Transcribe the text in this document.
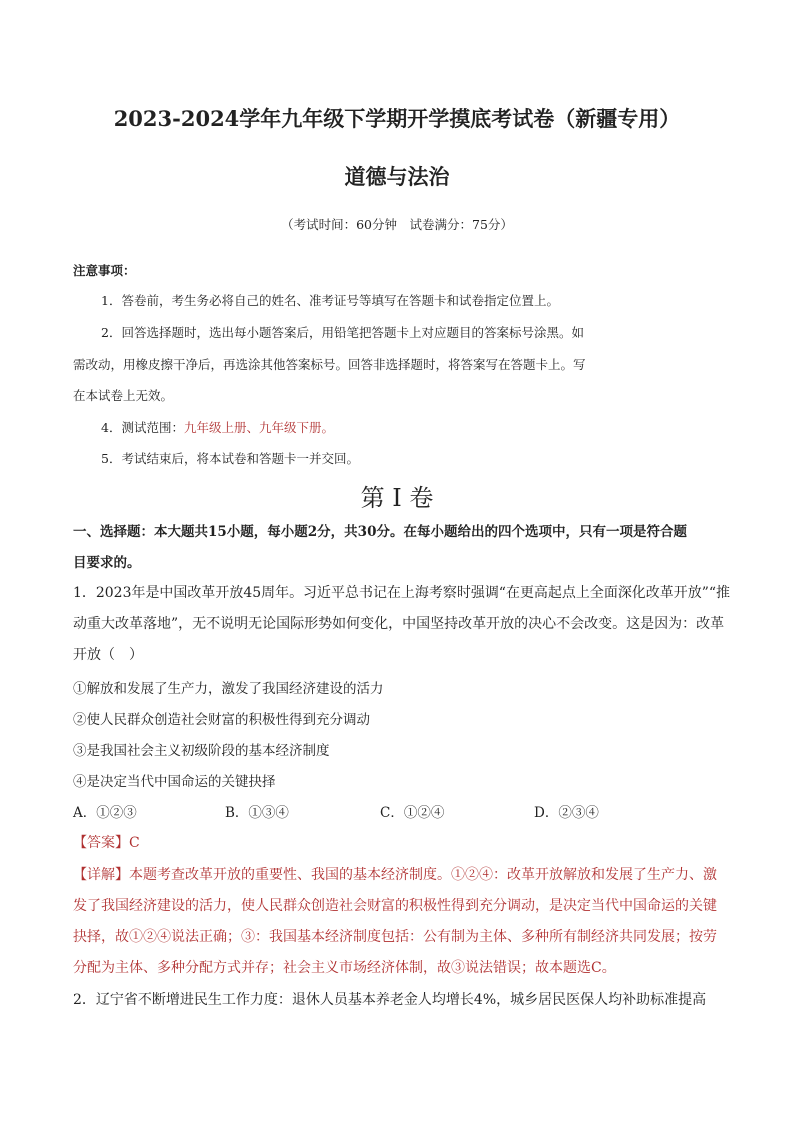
2023-2024学年九年级下学期开学摸底考试卷（新疆专用）
道德与法治
（考试时间：60分钟　试卷满分：75分）
注意事项：
1．答卷前，考生务必将自己的姓名、准考证号等填写在答题卡和试卷指定位置上。
2．回答选择题时，选出每小题答案后，用铅笔把答题卡上对应题目的答案标号涂黑。如
需改动，用橡皮擦干净后，再选涂其他答案标号。回答非选择题时，将答案写在答题卡上。写
在本试卷上无效。
4．测试范围：九年级上册、九年级下册。
5．考试结束后，将本试卷和答题卡一并交回。
第 I 卷
一、选择题：本大题共15小题，每小题2分，共30分。在每小题给出的四个选项中，只有一项是符合题
目要求的。
1．2023年是中国改革开放45周年。习近平总书记在上海考察时强调“在更高起点上全面深化改革开放”“推
动重大改革落地”，无不说明无论国际形势如何变化，中国坚持改革开放的决心不会改变。这是因为：改革
开放（　）
①解放和发展了生产力，激发了我国经济建设的活力
②使人民群众创造社会财富的积极性得到充分调动
③是我国社会主义初级阶段的基本经济制度
④是决定当代中国命运的关键抉择
A．①②③	B．①③④	C．①②④	D．②③④
【答案】C
【详解】本题考查改革开放的重要性、我国的基本经济制度。①②④：改革开放解放和发展了生产力、激
发了我国经济建设的活力，使人民群众创造社会财富的积极性得到充分调动，是决定当代中国命运的关键
抉择，故①②④说法正确；③：我国基本经济制度包括：公有制为主体、多种所有制经济共同发展；按劳
分配为主体、多种分配方式并存；社会主义市场经济体制，故③说法错误；故本题选C。
2．辽宁省不断增进民生工作力度：退休人员基本养老金人均增长4%，城乡居民医保人均补助标准提高
